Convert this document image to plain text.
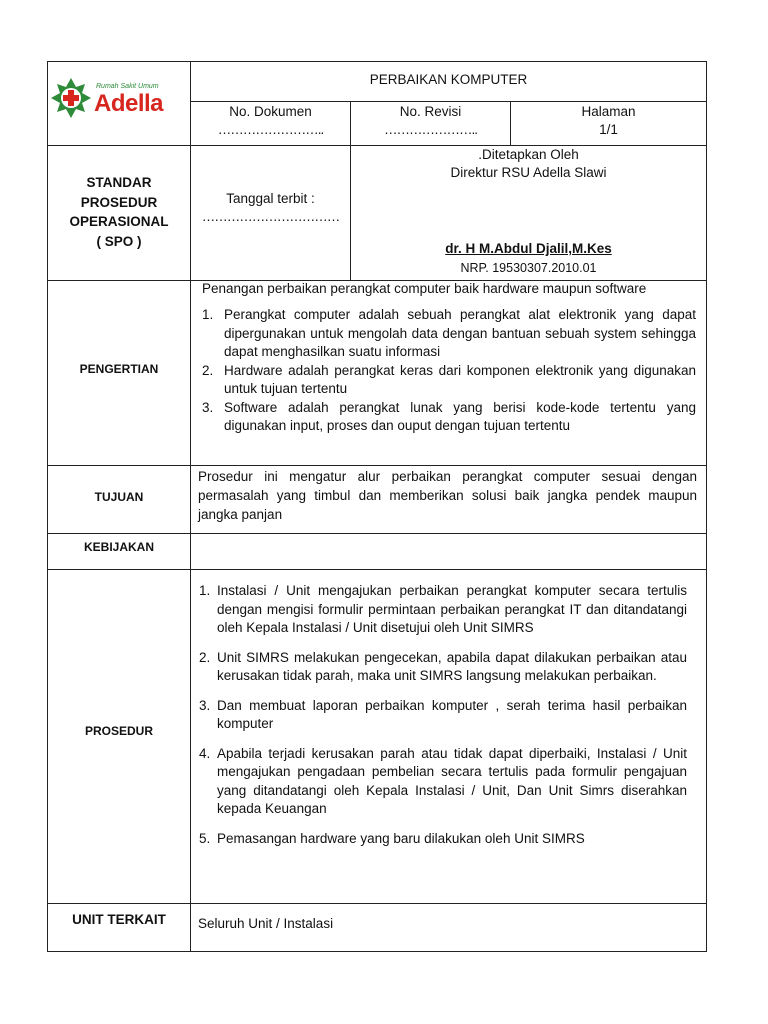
Rumah Sakit Umum
Adella
PERBAIKAN KOMPUTER
No. Dokumen
……………………..
No. Revisi
…………………..
Halaman
1/1
STANDAR
PROSEDUR
OPERASIONAL
( SPO )
Tanggal terbit :
……………………………
.Ditetapkan Oleh
Direktur RSU Adella Slawi
dr. H M.Abdul Djalil,M.Kes
NRP. 19530307.2010.01
PENGERTIAN
Penangan perbaikan perangkat computer baik hardware maupun software
1. Perangkat computer adalah sebuah perangkat alat elektronik yang dapat dipergunakan untuk mengolah data dengan bantuan sebuah system sehingga dapat menghasilkan suatu informasi
2. Hardware adalah perangkat keras dari komponen elektronik yang digunakan untuk tujuan tertentu
3. Software adalah perangkat lunak yang berisi kode-kode tertentu yang digunakan input, proses dan ouput dengan tujuan tertentu
TUJUAN
Prosedur ini mengatur alur perbaikan perangkat computer sesuai dengan permasalah yang timbul dan memberikan solusi baik jangka pendek maupun jangka panjan
KEBIJAKAN
PROSEDUR
1. Instalasi / Unit mengajukan perbaikan perangkat komputer secara tertulis dengan mengisi formulir permintaan perbaikan perangkat IT dan ditandatangi oleh Kepala Instalasi / Unit disetujui oleh Unit SIMRS
2. Unit SIMRS melakukan pengecekan, apabila dapat dilakukan perbaikan atau kerusakan tidak parah, maka unit SIMRS langsung melakukan perbaikan.
3. Dan membuat laporan perbaikan komputer , serah terima hasil perbaikan komputer
4. Apabila terjadi kerusakan parah atau tidak dapat diperbaiki, Instalasi / Unit mengajukan pengadaan pembelian secara tertulis pada formulir pengajuan yang ditandatangi oleh Kepala Instalasi / Unit, Dan Unit Simrs diserahkan kepada Keuangan
5. Pemasangan hardware yang baru dilakukan oleh Unit SIMRS
UNIT TERKAIT	Seluruh Unit / Instalasi
